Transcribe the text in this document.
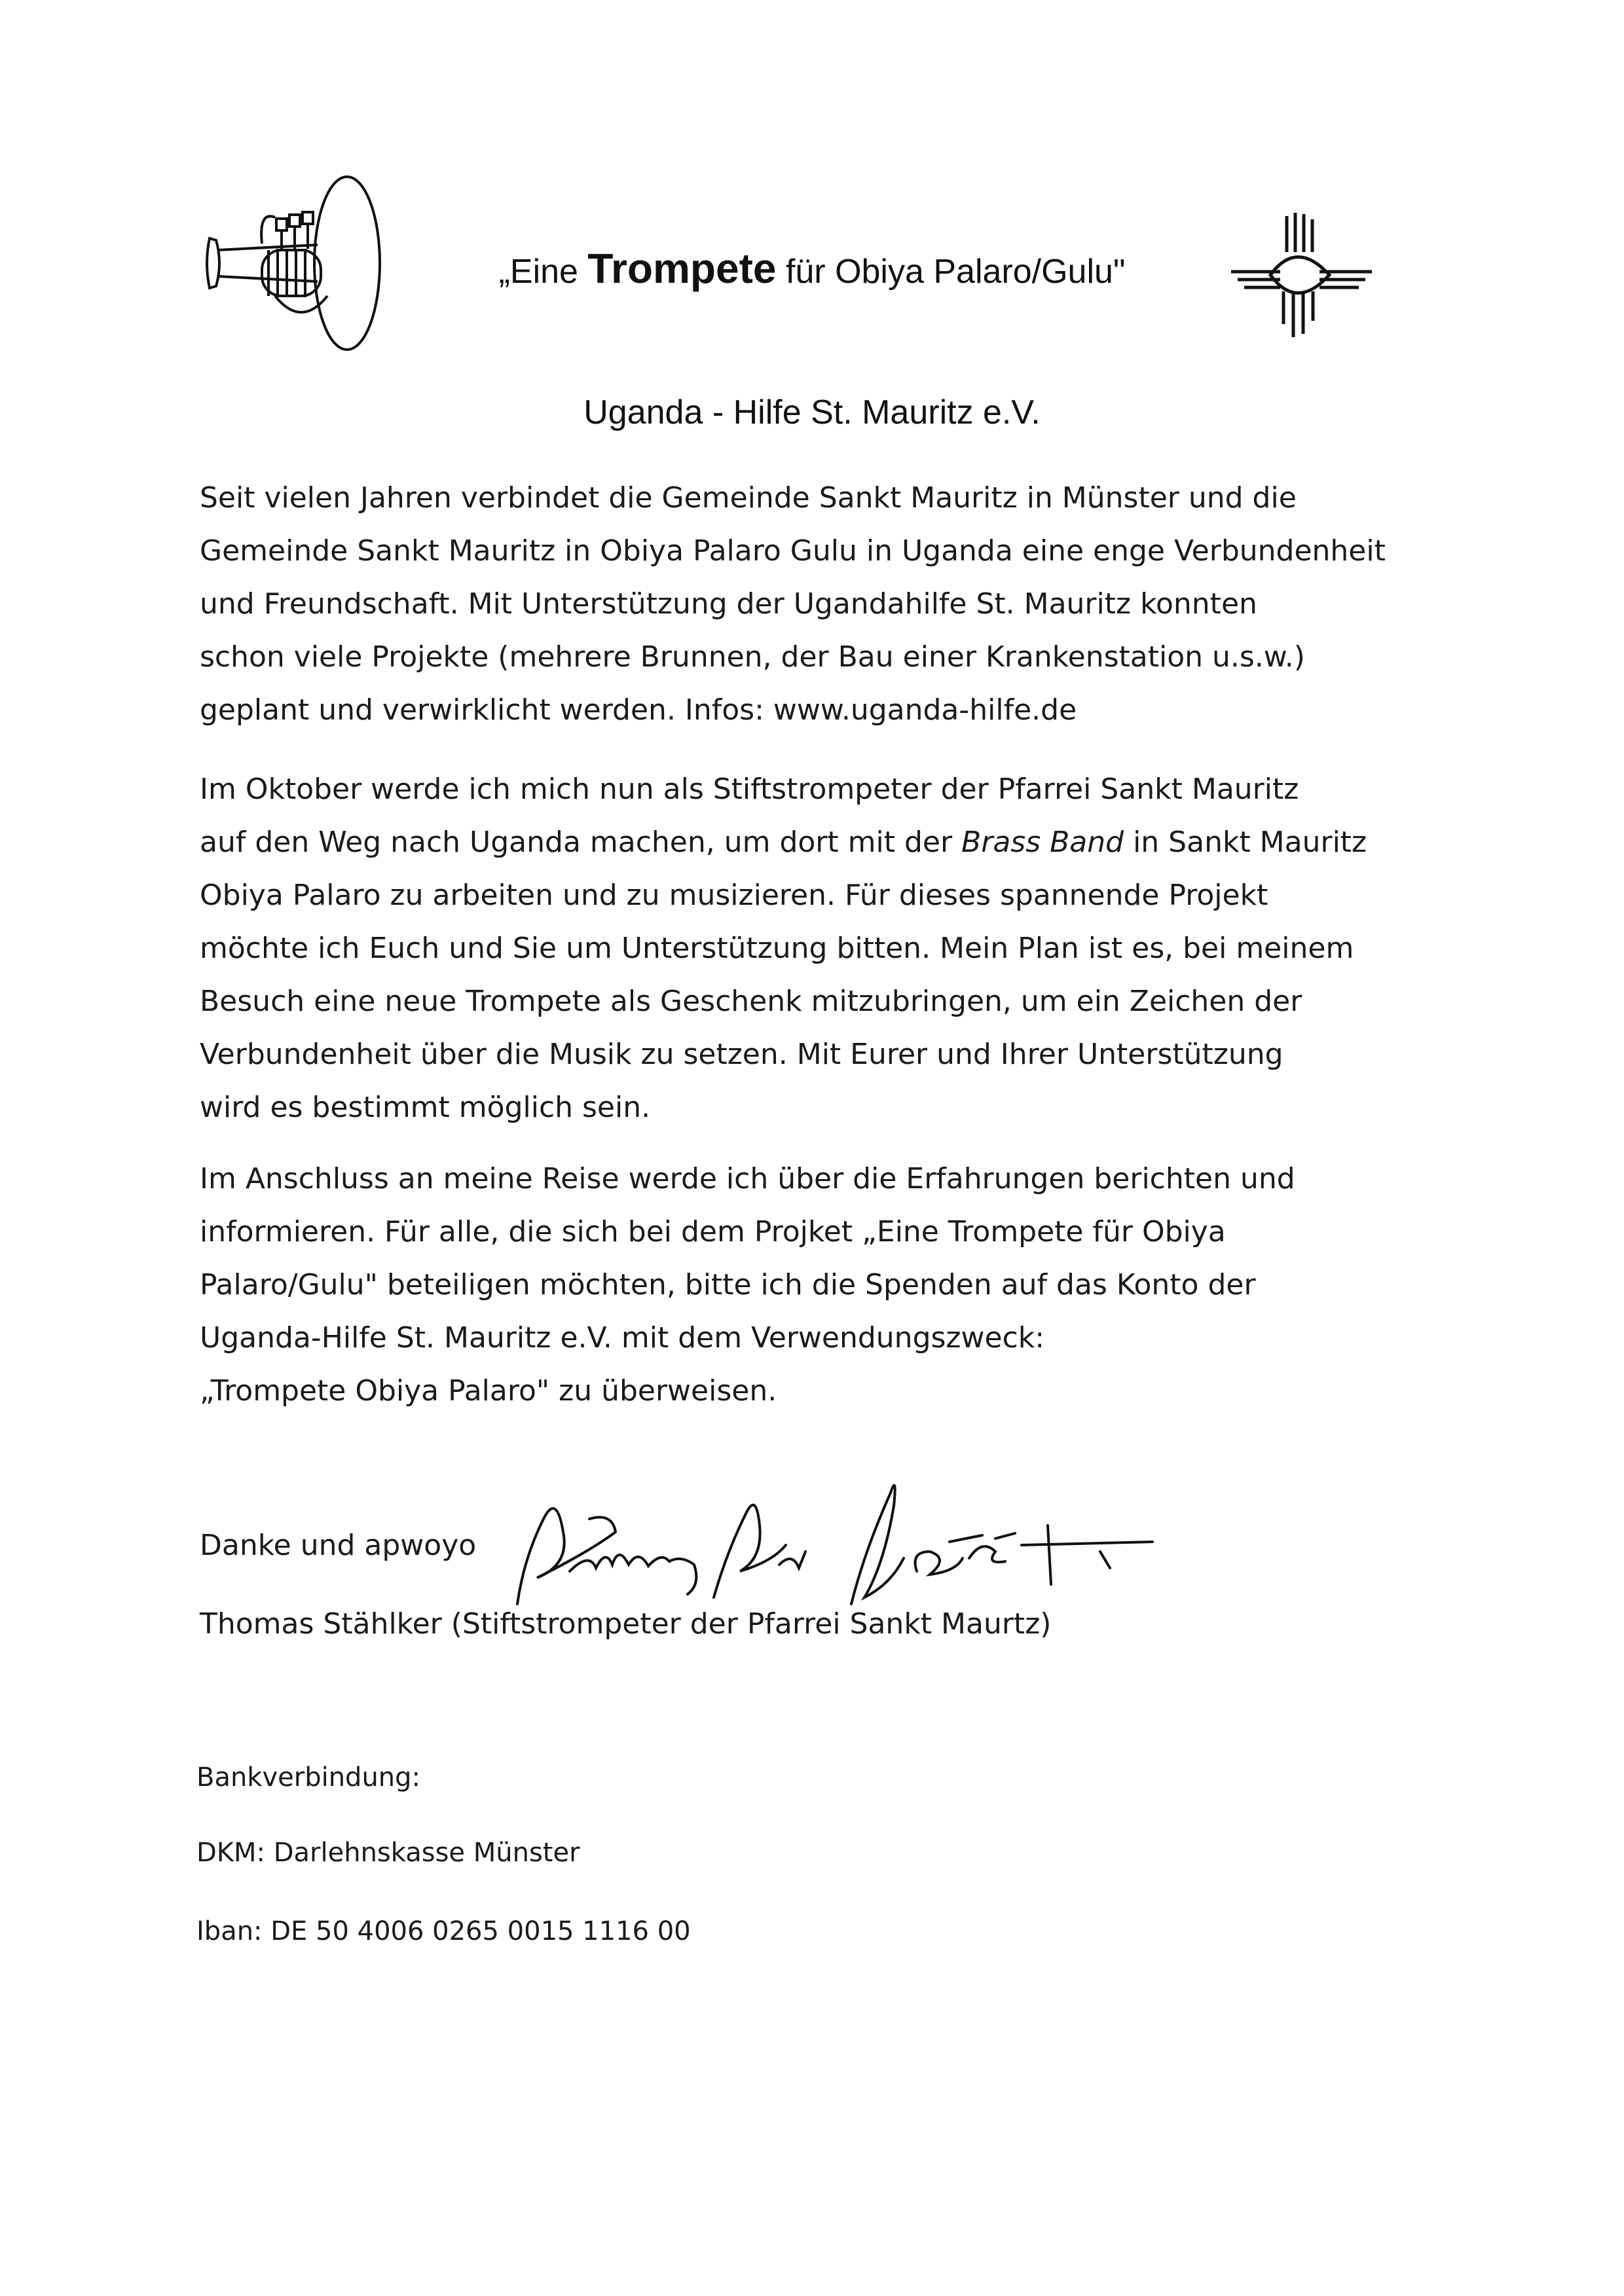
„Eine Trompete für Obiya Palaro/Gulu"
Uganda - Hilfe St. Mauritz e.V.
Seit vielen Jahren verbindet die Gemeinde Sankt Mauritz in Münster und die
Gemeinde Sankt Mauritz in Obiya Palaro Gulu in Uganda eine enge Verbundenheit
und Freundschaft. Mit Unterstützung der Ugandahilfe St. Mauritz konnten
schon viele Projekte (mehrere Brunnen, der Bau einer Krankenstation u.s.w.)
geplant und verwirklicht werden. Infos: www.uganda-hilfe.de
Im Oktober werde ich mich nun als Stiftstrompeter der Pfarrei Sankt Mauritz
auf den Weg nach Uganda machen, um dort mit der Brass Band in Sankt Mauritz
Obiya Palaro zu arbeiten und zu musizieren. Für dieses spannende Projekt
möchte ich Euch und Sie um Unterstützung bitten. Mein Plan ist es, bei meinem
Besuch eine neue Trompete als Geschenk mitzubringen, um ein Zeichen der
Verbundenheit über die Musik zu setzen. Mit Eurer und Ihrer Unterstützung
wird es bestimmt möglich sein.
Im Anschluss an meine Reise werde ich über die Erfahrungen berichten und
informieren. Für alle, die sich bei dem Projket „Eine Trompete für Obiya
Palaro/Gulu" beteiligen möchten, bitte ich die Spenden auf das Konto der
Uganda-Hilfe St. Mauritz e.V. mit dem Verwendungszweck:
„Trompete Obiya Palaro" zu überweisen.
Danke und apwoyo
Thomas Stählker (Stiftstrompeter der Pfarrei Sankt Maurtz)
Bankverbindung:
DKM: Darlehnskasse Münster
Iban: DE 50 4006 0265 0015 1116 00
